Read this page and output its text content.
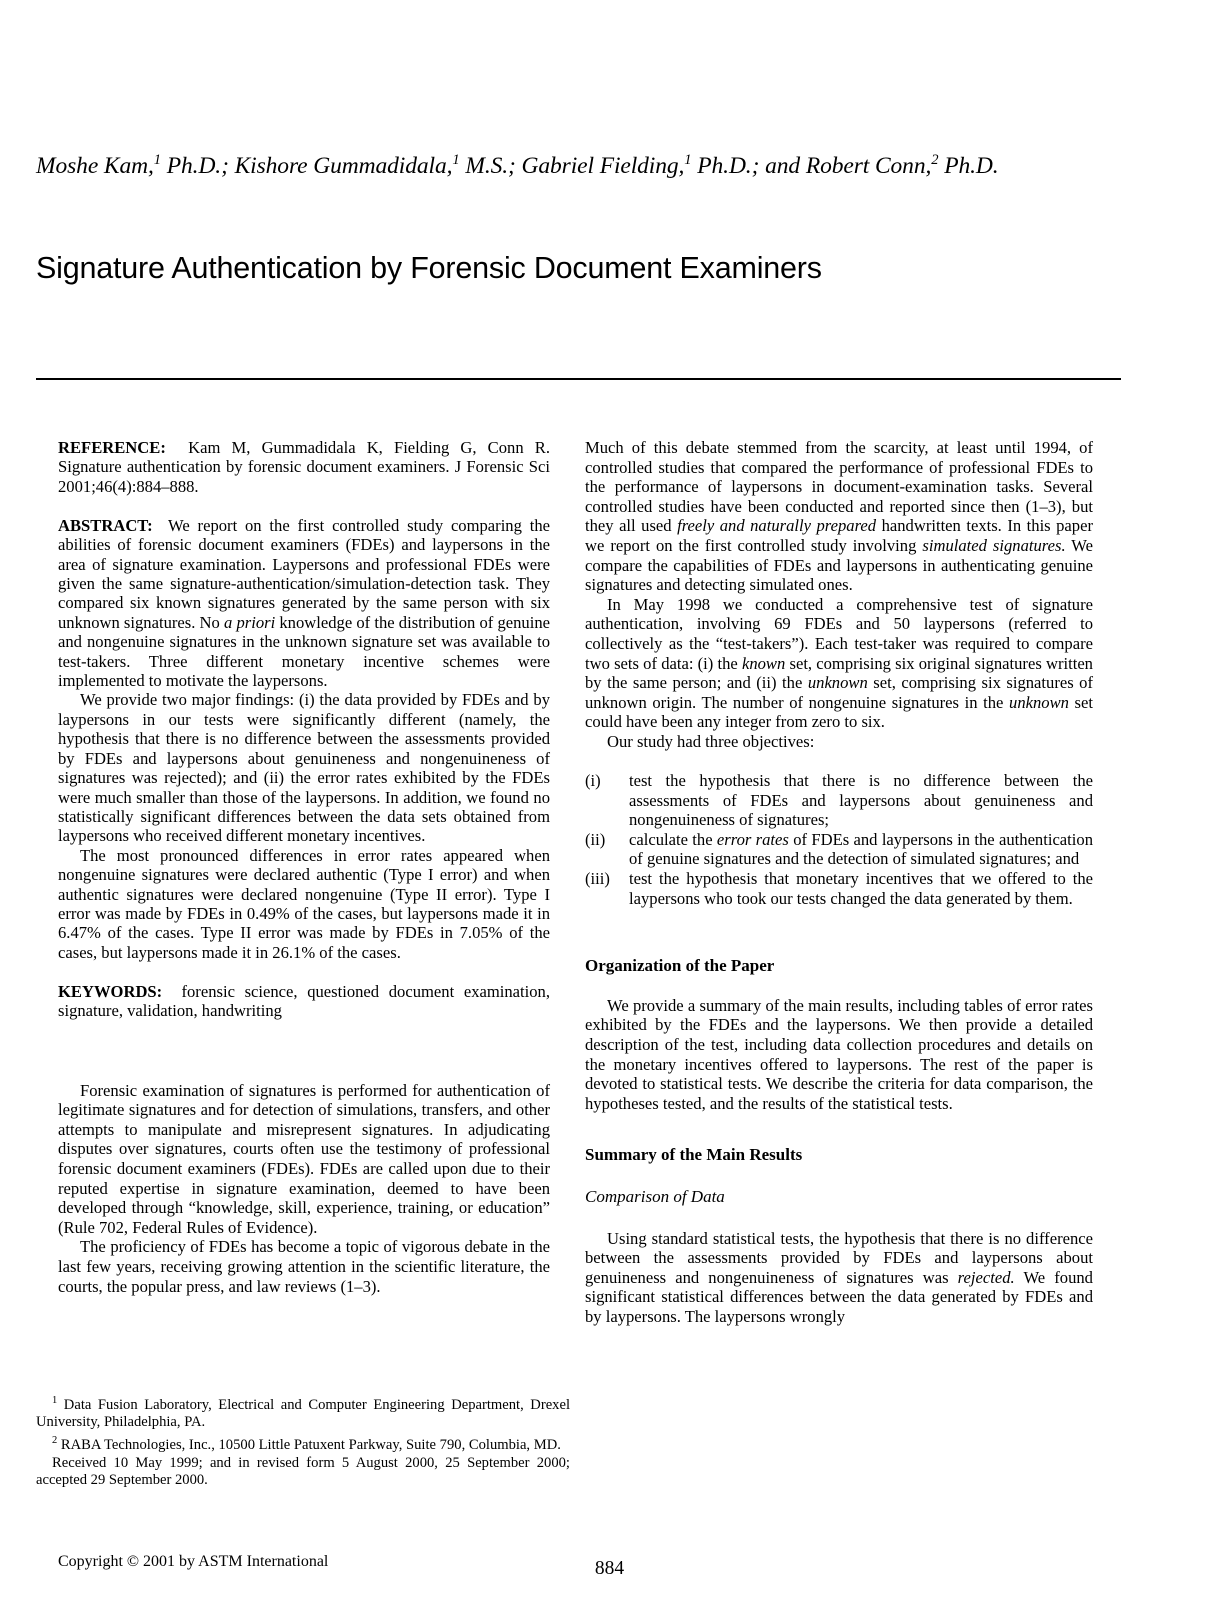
Moshe Kam,$^1$ Ph.D.; Kishore Gummadidala,$^1$ M.S.; Gabriel Fielding,$^1$ Ph.D.; and Robert Conn,$^2$ Ph.D.
Signature Authentication by Forensic Document Examiners

REFERENCE: Kam M, Gummadidala K, Fielding G, Conn R. Signature authentication by forensic document examiners. J Forensic Sci 2001;46(4):884–888.

ABSTRACT: We report on the first controlled study comparing the abilities of forensic document examiners (FDEs) and laypersons in the area of signature examination. Laypersons and professional FDEs were given the same signature-authentication/simulation-detection task. They compared six known signatures generated by the same person with six unknown signatures. No a priori knowledge of the distribution of genuine and nongenuine signatures in the unknown signature set was available to test-takers. Three different monetary incentive schemes were implemented to motivate the laypersons.

We provide two major findings: (i) the data provided by FDEs and by laypersons in our tests were significantly different (namely, the hypothesis that there is no difference between the assessments provided by FDEs and laypersons about genuineness and nongenuineness of signatures was rejected); and (ii) the error rates exhibited by the FDEs were much smaller than those of the laypersons. In addition, we found no statistically significant differences between the data sets obtained from laypersons who received different monetary incentives.

The most pronounced differences in error rates appeared when nongenuine signatures were declared authentic (Type I error) and when authentic signatures were declared nongenuine (Type II error). Type I error was made by FDEs in 0.49% of the cases, but laypersons made it in 6.47% of the cases. Type II error was made by FDEs in 7.05% of the cases, but laypersons made it in 26.1% of the cases.

KEYWORDS: forensic science, questioned document examination, signature, validation, handwriting

Forensic examination of signatures is performed for authentication of legitimate signatures and for detection of simulations, transfers, and other attempts to manipulate and misrepresent signatures. In adjudicating disputes over signatures, courts often use the testimony of professional forensic document examiners (FDEs). FDEs are called upon due to their reputed expertise in signature examination, deemed to have been developed through “knowledge, skill, experience, training, or education” (Rule 702, Federal Rules of Evidence).

The proficiency of FDEs has become a topic of vigorous debate in the last few years, receiving growing attention in the scientific literature, the courts, the popular press, and law reviews (1–3).

Much of this debate stemmed from the scarcity, at least until 1994, of controlled studies that compared the performance of professional FDEs to the performance of laypersons in document-examination tasks. Several controlled studies have been conducted and reported since then (1–3), but they all used freely and naturally prepared handwritten texts. In this paper we report on the first controlled study involving simulated signatures. We compare the capabilities of FDEs and laypersons in authenticating genuine signatures and detecting simulated ones.

In May 1998 we conducted a comprehensive test of signature authentication, involving 69 FDEs and 50 laypersons (referred to collectively as the “test-takers”). Each test-taker was required to compare two sets of data: (i) the known set, comprising six original signatures written by the same person; and (ii) the unknown set, comprising six signatures of unknown origin. The number of nongenuine signatures in the unknown set could have been any integer from zero to six.

Our study had three objectives:

(i)	test the hypothesis that there is no difference between the assessments of FDEs and laypersons about genuineness and nongenuineness of signatures;
(ii)	calculate the error rates of FDEs and laypersons in the authentication of genuine signatures and the detection of simulated signatures; and
(iii)	test the hypothesis that monetary incentives that we offered to the laypersons who took our tests changed the data generated by them.

Organization of the Paper

We provide a summary of the main results, including tables of error rates exhibited by the FDEs and the laypersons. We then provide a detailed description of the test, including data collection procedures and details on the monetary incentives offered to laypersons. The rest of the paper is devoted to statistical tests. We describe the criteria for data comparison, the hypotheses tested, and the results of the statistical tests.

Summary of the Main Results

Comparison of Data

Using standard statistical tests, the hypothesis that there is no difference between the assessments provided by FDEs and laypersons about genuineness and nongenuineness of signatures was rejected. We found significant statistical differences between the data generated by FDEs and by laypersons. The laypersons wrongly

$^1$ Data Fusion Laboratory, Electrical and Computer Engineering Department, Drexel University, Philadelphia, PA.

$^2$ RABA Technologies, Inc., 10500 Little Patuxent Parkway, Suite 790, Columbia, MD.

Received 10 May 1999; and in revised form 5 August 2000, 25 September 2000; accepted 29 September 2000.

Copyright © 2001 by ASTM International	884
